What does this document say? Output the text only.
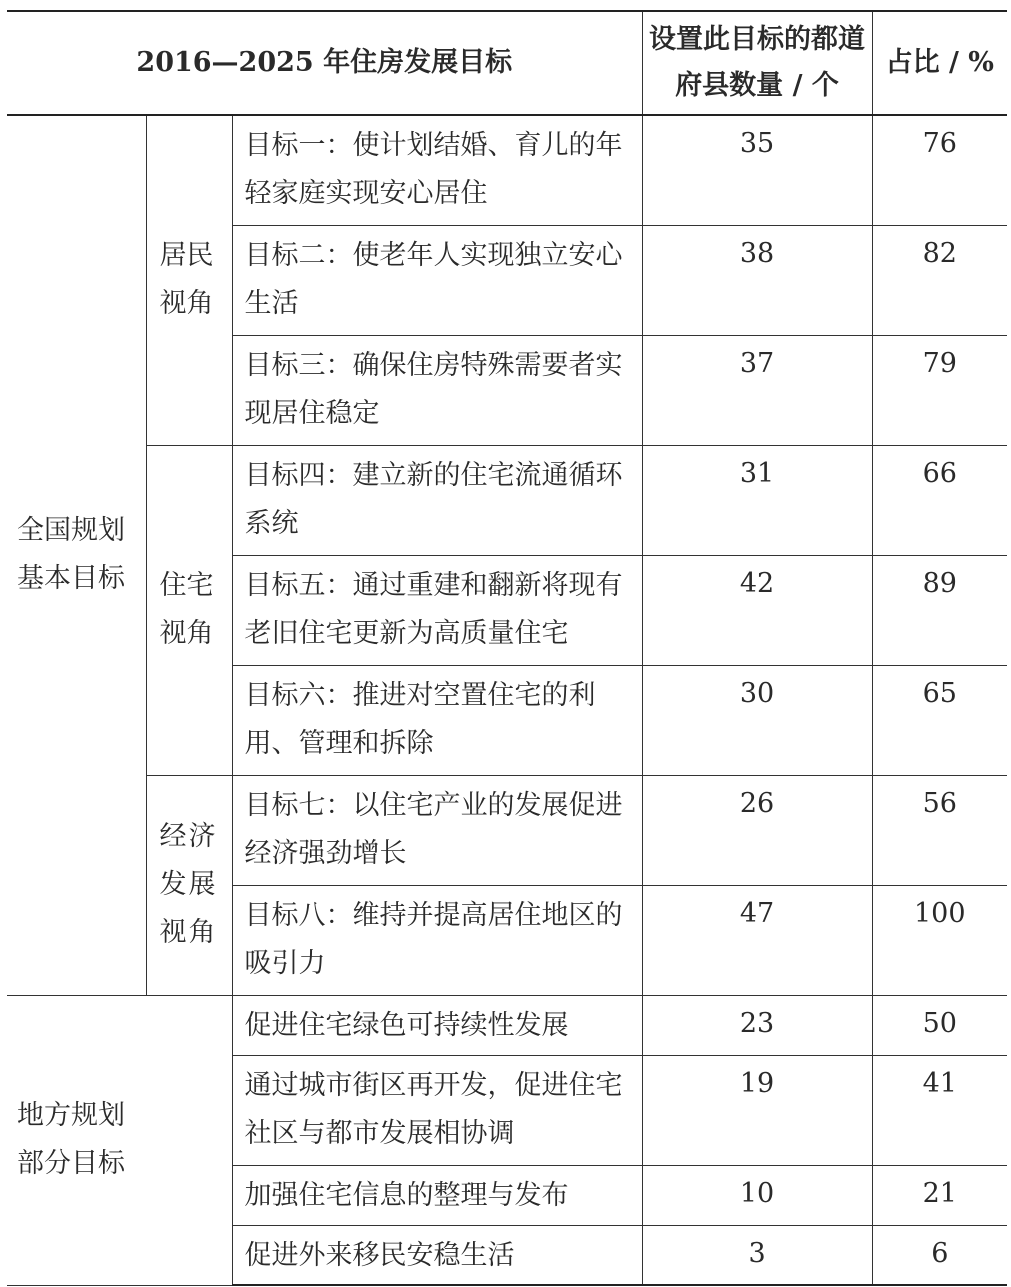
2016—2025 年住房发展目标			设置此目标的都道府县数量 / 个	占比 / %
全国规划基本目标	居民视角	目标一：使计划结婚、育儿的年轻家庭实现安心居住	35	76
		目标二：使老年人实现独立安心生活	38	82
		目标三：确保住房特殊需要者实现居住稳定	37	79
	住宅视角	目标四：建立新的住宅流通循环系统	31	66
		目标五：通过重建和翻新将现有老旧住宅更新为高质量住宅	42	89
		目标六：推进对空置住宅的利用、管理和拆除	30	65
	经济发展视角	目标七：以住宅产业的发展促进经济强劲增长	26	56
		目标八：维持并提高居住地区的吸引力	47	100
地方规划部分目标		促进住宅绿色可持续性发展	23	50
		通过城市街区再开发，促进住宅社区与都市发展相协调	19	41
		加强住宅信息的整理与发布	10	21
		促进外来移民安稳生活	3	6
